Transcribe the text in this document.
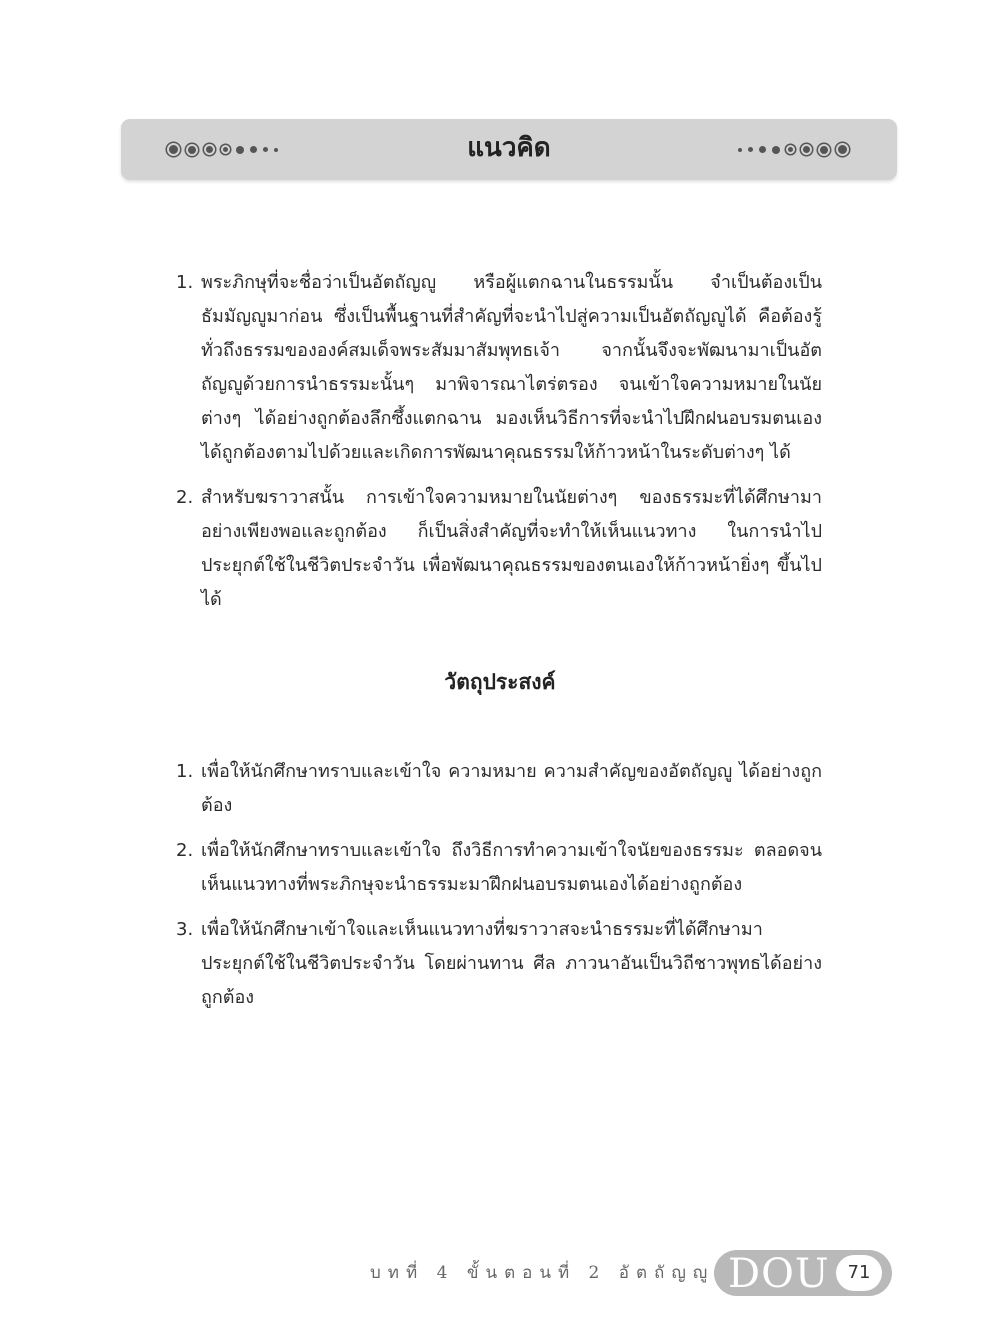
แนวคิด
1. พระภิกษุที่จะชื่อว่าเป็นอัตถัญญู หรือผู้แตกฉานในธรรมนั้น จำเป็นต้องเป็นธัมมัญญูมาก่อน ซึ่งเป็นพื้นฐานที่สำคัญที่จะนำไปสู่ความเป็นอัตถัญญูได้ คือต้องรู้ทั่วถึงธรรมขององค์สมเด็จพระสัมมาสัมพุทธเจ้า จากนั้นจึงจะพัฒนามาเป็นอัตถัญญูด้วยการนำธรรมะนั้นๆ มาพิจารณาไตร่ตรอง จนเข้าใจความหมายในนัยต่างๆ ได้อย่างถูกต้องลึกซึ้งแตกฉาน มองเห็นวิธีการที่จะนำไปฝึกฝนอบรมตนเองได้ถูกต้องตามไปด้วยและเกิดการพัฒนาคุณธรรมให้ก้าวหน้าในระดับต่างๆ ได้
2. สำหรับฆราวาสนั้น การเข้าใจความหมายในนัยต่างๆ ของธรรมะที่ได้ศึกษามาอย่างเพียงพอและถูกต้อง ก็เป็นสิ่งสำคัญที่จะทำให้เห็นแนวทาง ในการนำไปประยุกต์ใช้ในชีวิตประจำวัน เพื่อพัฒนาคุณธรรมของตนเองให้ก้าวหน้ายิ่งๆ ขึ้นไปได้
วัตถุประสงค์
1. เพื่อให้นักศึกษาทราบและเข้าใจ ความหมาย ความสำคัญของอัตถัญญู ได้อย่างถูกต้อง
2. เพื่อให้นักศึกษาทราบและเข้าใจ ถึงวิธีการทำความเข้าใจนัยของธรรมะ ตลอดจนเห็นแนวทางที่พระภิกษุจะนำธรรมะมาฝึกฝนอบรมตนเองได้อย่างถูกต้อง
3. เพื่อให้นักศึกษาเข้าใจและเห็นแนวทางที่ฆราวาสจะนำธรรมะที่ได้ศึกษามาประยุกต์ใช้ในชีวิตประจำวัน โดยผ่านทาน ศีล ภาวนาอันเป็นวิถีชาวพุทธได้อย่างถูกต้อง
บทที่ 4 ขั้นตอนที่ 2 อัตถัญญู DOU 71
